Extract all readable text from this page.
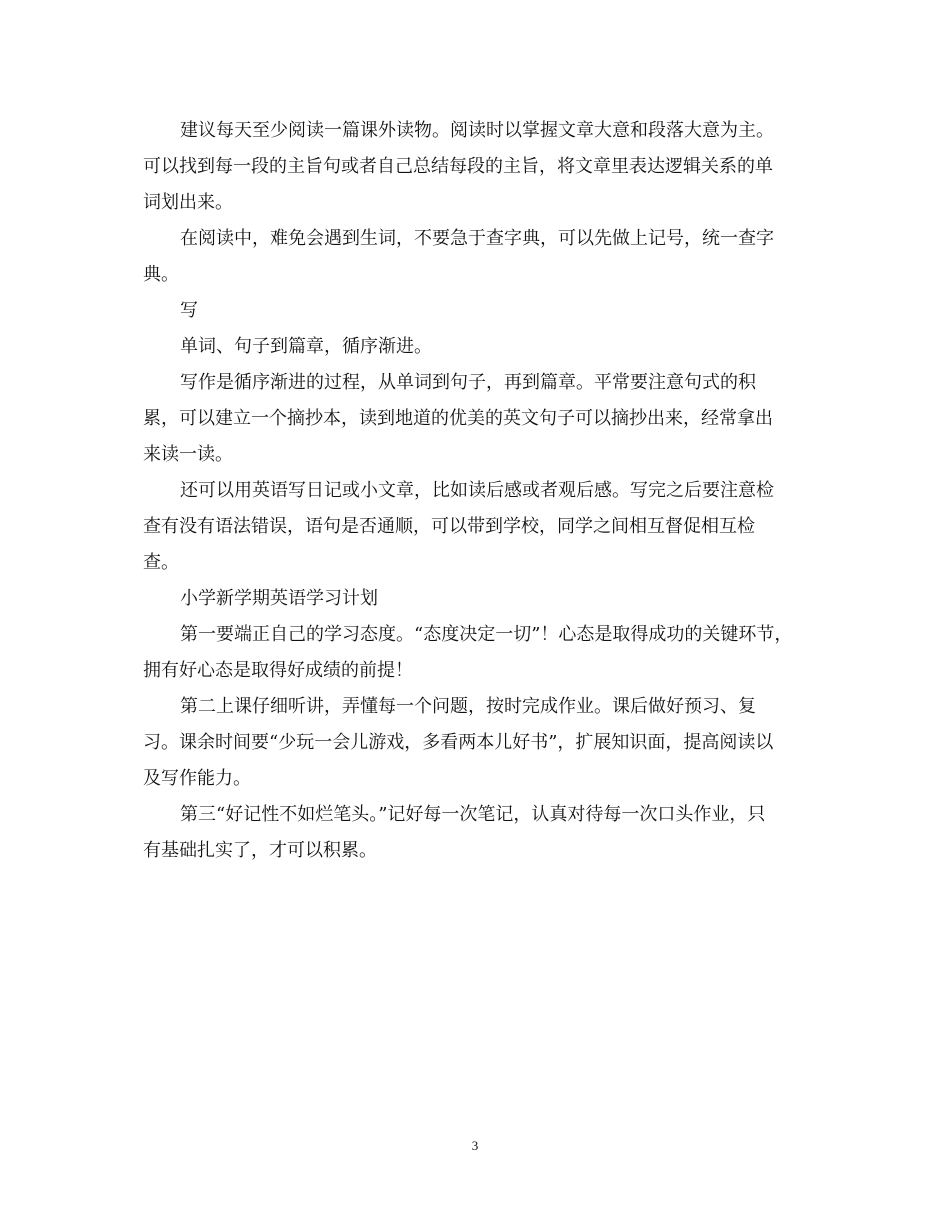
建议每天至少阅读一篇课外读物。阅读时以掌握文章大意和段落大意为主。
可以找到每一段的主旨句或者自己总结每段的主旨，将文章里表达逻辑关系的单
词划出来。

在阅读中，难免会遇到生词，不要急于查字典，可以先做上记号，统一查字
典。

写

单词、句子到篇章，循序渐进。

写作是循序渐进的过程，从单词到句子，再到篇章。平常要注意句式的积
累，可以建立一个摘抄本，读到地道的优美的英文句子可以摘抄出来，经常拿出
来读一读。

还可以用英语写日记或小文章，比如读后感或者观后感。写完之后要注意检
查有没有语法错误，语句是否通顺，可以带到学校，同学之间相互督促相互检
查。

小学新学期英语学习计划

第一要端正自己的学习态度。“态度决定一切”！心态是取得成功的关键环节，
拥有好心态是取得好成绩的前提！

第二上课仔细听讲，弄懂每一个问题，按时完成作业。课后做好预习、复
习。课余时间要“少玩一会儿游戏，多看两本儿好书”，扩展知识面，提高阅读以
及写作能力。

第三“好记性不如烂笔头。”记好每一次笔记，认真对待每一次口头作业，只
有基础扎实了，才可以积累。

3
